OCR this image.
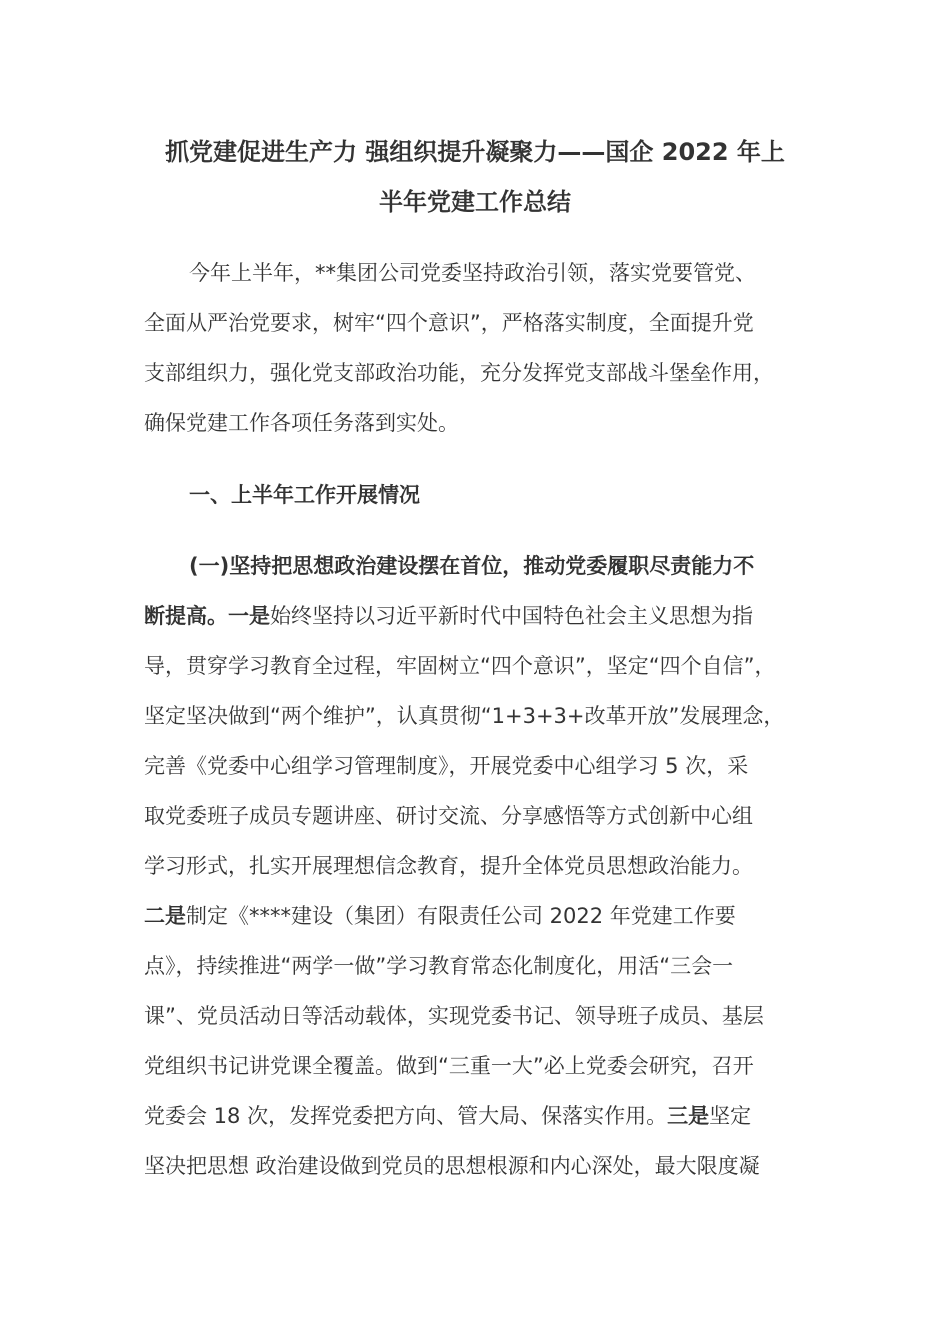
抓党建促进生产力 强组织提升凝聚力——国企 2022 年上
半年党建工作总结
今年上半年，**集团公司党委坚持政治引领，落实党要管党、
全面从严治党要求，树牢“四个意识”，严格落实制度，全面提升党
支部组织力，强化党支部政治功能，充分发挥党支部战斗堡垒作用，
确保党建工作各项任务落到实处。
一、上半年工作开展情况
(一)坚持把思想政治建设摆在首位，推动党委履职尽责能力不
断提高。一是始终坚持以习近平新时代中国特色社会主义思想为指
导，贯穿学习教育全过程，牢固树立“四个意识”，坚定“四个自信”，
坚定坚决做到“两个维护”，认真贯彻“1+3+3+改革开放”发展理念，
完善《党委中心组学习管理制度》，开展党委中心组学习 5 次，采
取党委班子成员专题讲座、研讨交流、分享感悟等方式创新中心组
学习形式，扎实开展理想信念教育，提升全体党员思想政治能力。
二是制定《****建设（集团）有限责任公司 2022 年党建工作要
点》，持续推进“两学一做”学习教育常态化制度化，用活“三会一
课”、党员活动日等活动载体，实现党委书记、领导班子成员、基层
党组织书记讲党课全覆盖。做到“三重一大”必上党委会研究，召开
党委会 18 次，发挥党委把方向、管大局、保落实作用。三是坚定
坚决把思想 政治建设做到党员的思想根源和内心深处，最大限度凝
